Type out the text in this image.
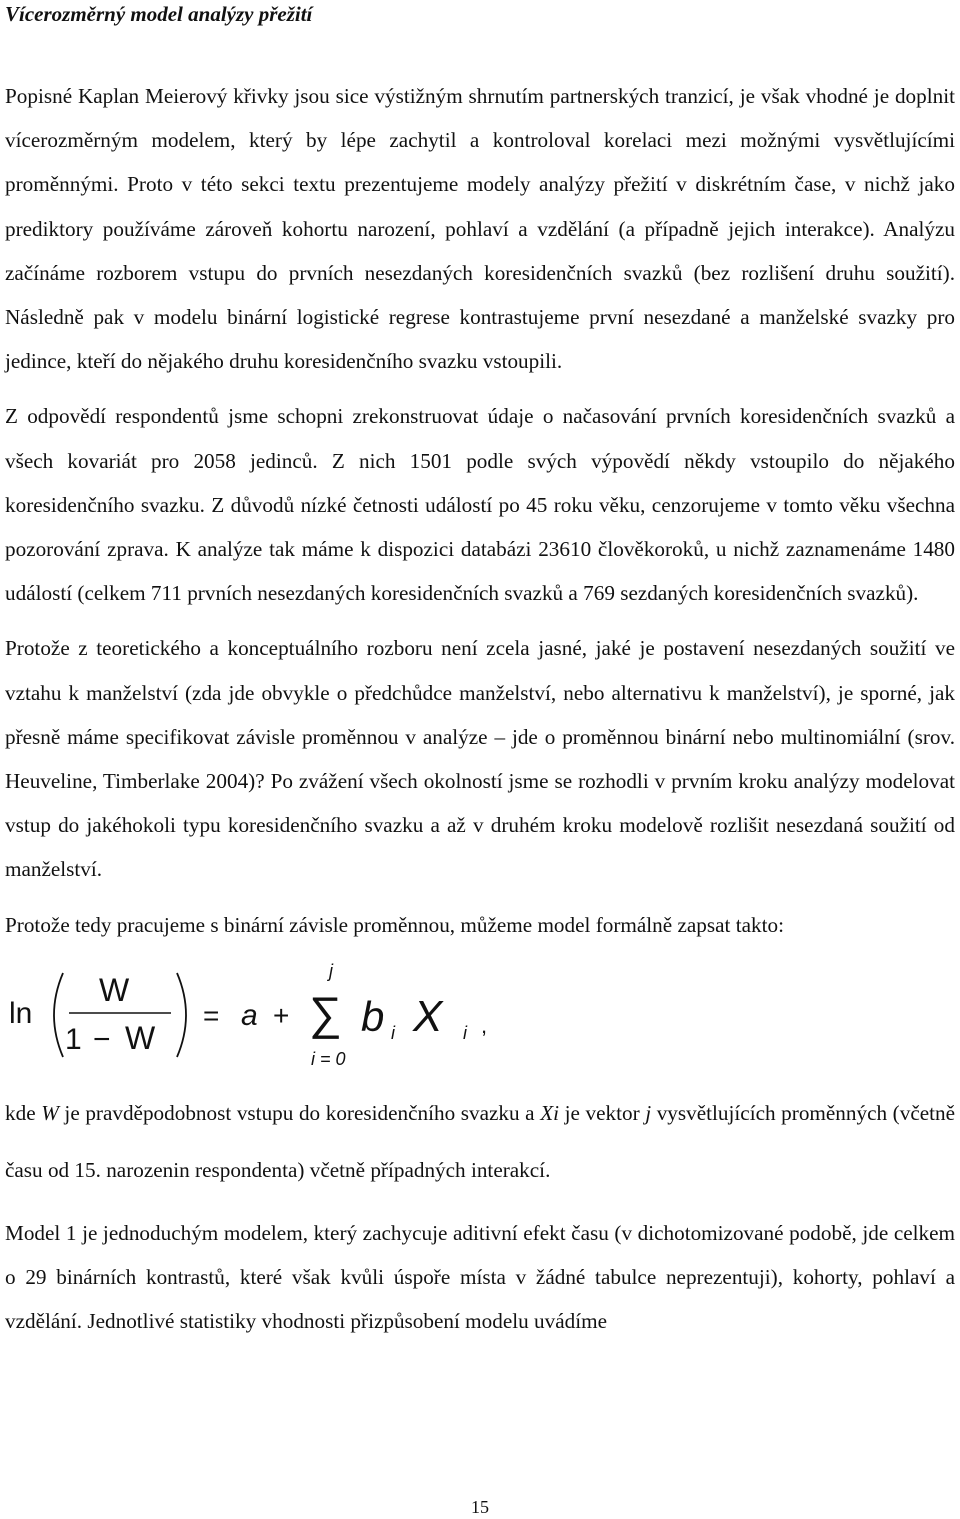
Vícerozměrný model analýzy přežití

Popisné Kaplan Meierový křivky jsou sice výstižným shrnutím partnerských tranzicí, je však vhodné je doplnit vícerozměrným modelem, který by lépe zachytil a kontroloval korelaci mezi možnými vysvětlujícími proměnnými. Proto v této sekci textu prezentujeme modely analýzy přežití v diskrétním čase, v nichž jako prediktory používáme zároveň kohortu narození, pohlaví a vzdělání (a případně jejich interakce). Analýzu začínáme rozborem vstupu do prvních nesezdaných koresidenčních svazků (bez rozlišení druhu soužití). Následně pak v modelu binární logistické regrese kontrastujeme první nesezdané a manželské svazky pro jedince, kteří do nějakého druhu koresidenčního svazku vstoupili.

Z odpovědí respondentů jsme schopni zrekonstruovat údaje o načasování prvních koresidenčních svazků a všech kovariát pro 2058 jedinců. Z nich 1501 podle svých výpovědí někdy vstoupilo do nějakého koresidenčního svazku. Z důvodů nízké četnosti událostí po 45 roku věku, cenzorujeme v tomto věku všechna pozorování zprava. K analýze tak máme k dispozici databázi 23610 člověkoroků, u nichž zaznamenáme 1480 událostí (celkem 711 prvních nesezdaných koresidenčních svazků a 769 sezdaných koresidenčních svazků).

Protože z teoretického a konceptuálního rozboru není zcela jasné, jaké je postavení nesezdaných soužití ve vztahu k manželství (zda jde obvykle o předchůdce manželství, nebo alternativu k manželství), je sporné, jak přesně máme specifikovat závisle proměnnou v analýze – jde o proměnnou binární nebo multinomiální (srov. Heuveline, Timberlake 2004)? Po zvážení všech okolností jsme se rozhodli v prvním kroku analýzy modelovat vstup do jakéhokoli typu koresidenčního svazku a až v druhém kroku modelově rozlišit nesezdaná soužití od manželství.

Protože tedy pracujeme s binární závisle proměnnou, můžeme model formálně zapsat takto:

ln
W
1 − W
= a +
j
∑
i = 0
b i X i ,

kde W je pravděpodobnost vstupu do koresidenčního svazku a Xi je vektor j vysvětlujících proměnných (včetně času od 15. narozenin respondenta) včetně případných interakcí.

Model 1 je jednoduchým modelem, který zachycuje aditivní efekt času (v dichotomizované podobě, jde celkem o 29 binárních kontrastů, které však kvůli úspoře místa v žádné tabulce neprezentuji), kohorty, pohlaví a vzdělání. Jednotlivé statistiky vhodnosti přizpůsobení modelu uvádíme

15
